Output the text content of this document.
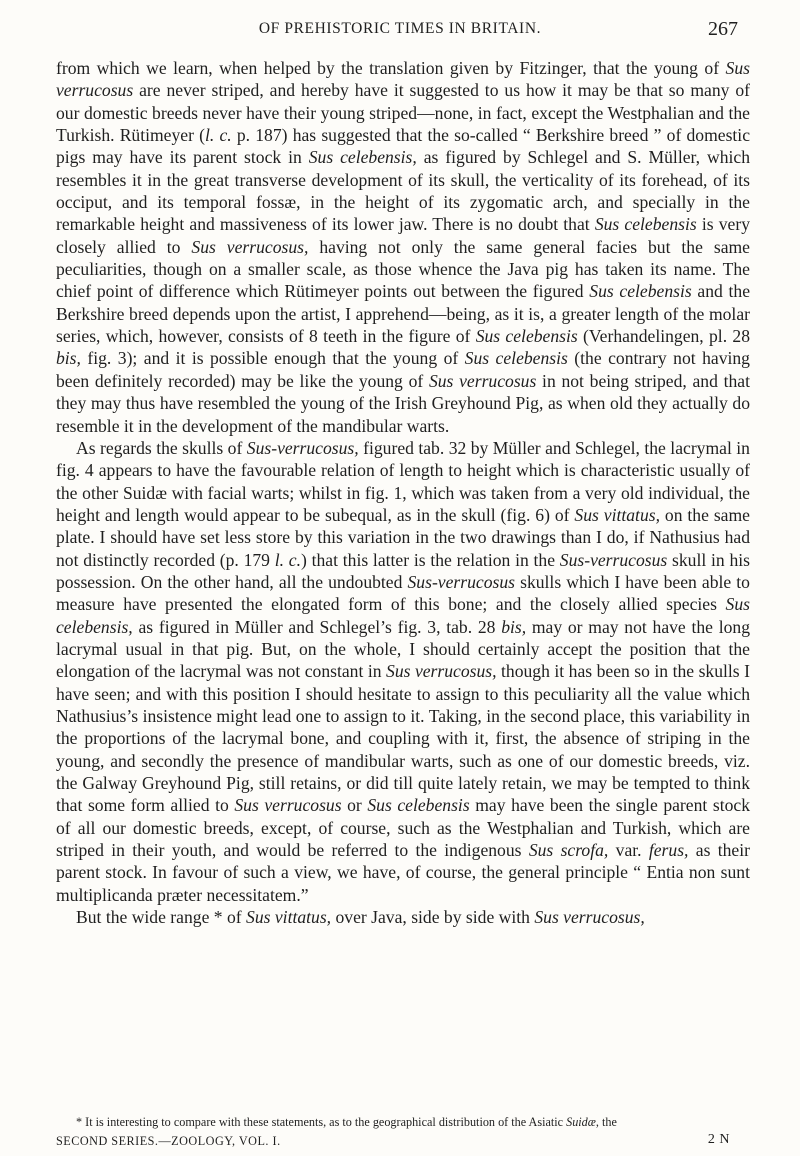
OF PREHISTORIC TIMES IN BRITAIN.	267

from which we learn, when helped by the translation given by Fitzinger, that the young of Sus verrucosus are never striped, and hereby have it suggested to us how it may be that so many of our domestic breeds never have their young striped—none, in fact, except the Westphalian and the Turkish. Rütimeyer (l. c. p. 187) has suggested that the so-called “ Berkshire breed ” of domestic pigs may have its parent stock in Sus celebensis, as figured by Schlegel and S. Müller, which resembles it in the great transverse development of its skull, the verticality of its forehead, of its occiput, and its temporal fossæ, in the height of its zygomatic arch, and specially in the remarkable height and massiveness of its lower jaw. There is no doubt that Sus celebensis is very closely allied to Sus verrucosus, having not only the same general facies but the same peculiarities, though on a smaller scale, as those whence the Java pig has taken its name. The chief point of difference which Rütimeyer points out between the figured Sus celebensis and the Berkshire breed depends upon the artist, I apprehend—being, as it is, a greater length of the molar series, which, however, consists of 8 teeth in the figure of Sus celebensis (Verhandelingen, pl. 28 bis, fig. 3); and it is possible enough that the young of Sus celebensis (the contrary not having been definitely recorded) may be like the young of Sus verrucosus in not being striped, and that they may thus have resembled the young of the Irish Greyhound Pig, as when old they actually do resemble it in the development of the mandibular warts.

As regards the skulls of Sus-verrucosus, figured tab. 32 by Müller and Schlegel, the lacrymal in fig. 4 appears to have the favourable relation of length to height which is characteristic usually of the other Suidæ with facial warts; whilst in fig. 1, which was taken from a very old individual, the height and length would appear to be subequal, as in the skull (fig. 6) of Sus vittatus, on the same plate. I should have set less store by this variation in the two drawings than I do, if Nathusius had not distinctly recorded (p. 179 l. c.) that this latter is the relation in the Sus-verrucosus skull in his possession. On the other hand, all the undoubted Sus-verrucosus skulls which I have been able to measure have presented the elongated form of this bone; and the closely allied species Sus celebensis, as figured in Müller and Schlegel’s fig. 3, tab. 28 bis, may or may not have the long lacrymal usual in that pig. But, on the whole, I should certainly accept the position that the elongation of the lacrymal was not constant in Sus verrucosus, though it has been so in the skulls I have seen; and with this position I should hesitate to assign to this peculiarity all the value which Nathusius’s insistence might lead one to assign to it. Taking, in the second place, this variability in the proportions of the lacrymal bone, and coupling with it, first, the absence of striping in the young, and secondly the presence of mandibular warts, such as one of our domestic breeds, viz. the Galway Greyhound Pig, still retains, or did till quite lately retain, we may be tempted to think that some form allied to Sus verrucosus or Sus celebensis may have been the single parent stock of all our domestic breeds, except, of course, such as the Westphalian and Turkish, which are striped in their youth, and would be referred to the indigenous Sus scrofa, var. ferus, as their parent stock. In favour of such a view, we have, of course, the general principle “ Entia non sunt multiplicanda præter necessitatem.”

But the wide range * of Sus vittatus, over Java, side by side with Sus verrucosus,

* It is interesting to compare with these statements, as to the geographical distribution of the Asiatic Suidæ, the
SECOND SERIES.—ZOOLOGY, VOL. I.	2 N
